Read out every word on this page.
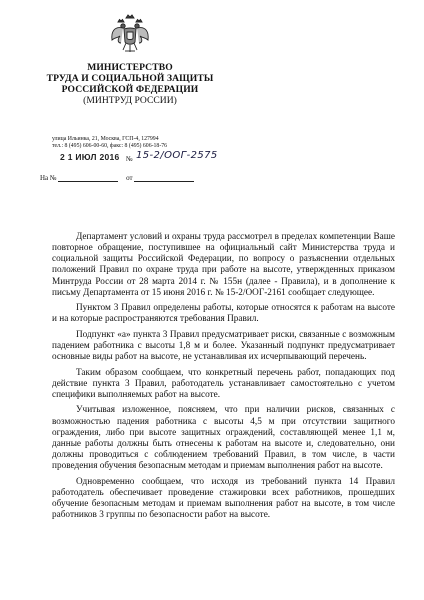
МИНИСТЕРСТВО
ТРУДА И СОЦИАЛЬНОЙ ЗАЩИТЫ
РОССИЙСКОЙ ФЕДЕРАЦИИ
(МИНТРУД РОССИИ)
улица Ильинка, 21, Москва, ГСП-4, 127994
тел.: 8 (495) 606-00-60, факс: 8 (495) 606-18-76
2 1 ИЮЛ 2016 № 15-2/ООГ-2575
На №	от

Департамент условий и охраны труда рассмотрел в пределах компетенции Ваше повторное обращение, поступившее на официальный сайт Министерства труда и социальной защиты Российской Федерации, по вопросу о разъяснении отдельных положений Правил по охране труда при работе на высоте, утвержденных приказом Минтруда России от 28 марта 2014 г. № 155н (далее - Правила), и в дополнение к письму Департамента от 15 июня 2016 г. № 15-2/ООГ-2161 сообщает следующее.

Пунктом 3 Правил определены работы, которые относятся к работам на высоте и на которые распространяются требования Правил.

Подпункт «а» пункта 3 Правил предусматривает риски, связанные с возможным падением работника с высоты 1,8 м и более. Указанный подпункт предусматривает основные виды работ на высоте, не устанавливая их исчерпывающий перечень.

Таким образом сообщаем, что конкретный перечень работ, попадающих под действие пункта 3 Правил, работодатель устанавливает самостоятельно с учетом специфики выполняемых работ на высоте.

Учитывая изложенное, поясняем, что при наличии рисков, связанных с возможностью падения работника с высоты 4,5 м при отсутствии защитного ограждения, либо при высоте защитных ограждений, составляющей менее 1,1 м, данные работы должны быть отнесены к работам на высоте и, следовательно, они должны проводиться с соблюдением требований Правил, в том числе, в части проведения обучения безопасным методам и приемам выполнения работ на высоте.

Одновременно сообщаем, что исходя из требований пункта 14 Правил работодатель обеспечивает проведение стажировки всех работников, прошедших обучение безопасным методам и приемам выполнения работ на высоте, в том числе работников 3 группы по безопасности работ на высоте.
